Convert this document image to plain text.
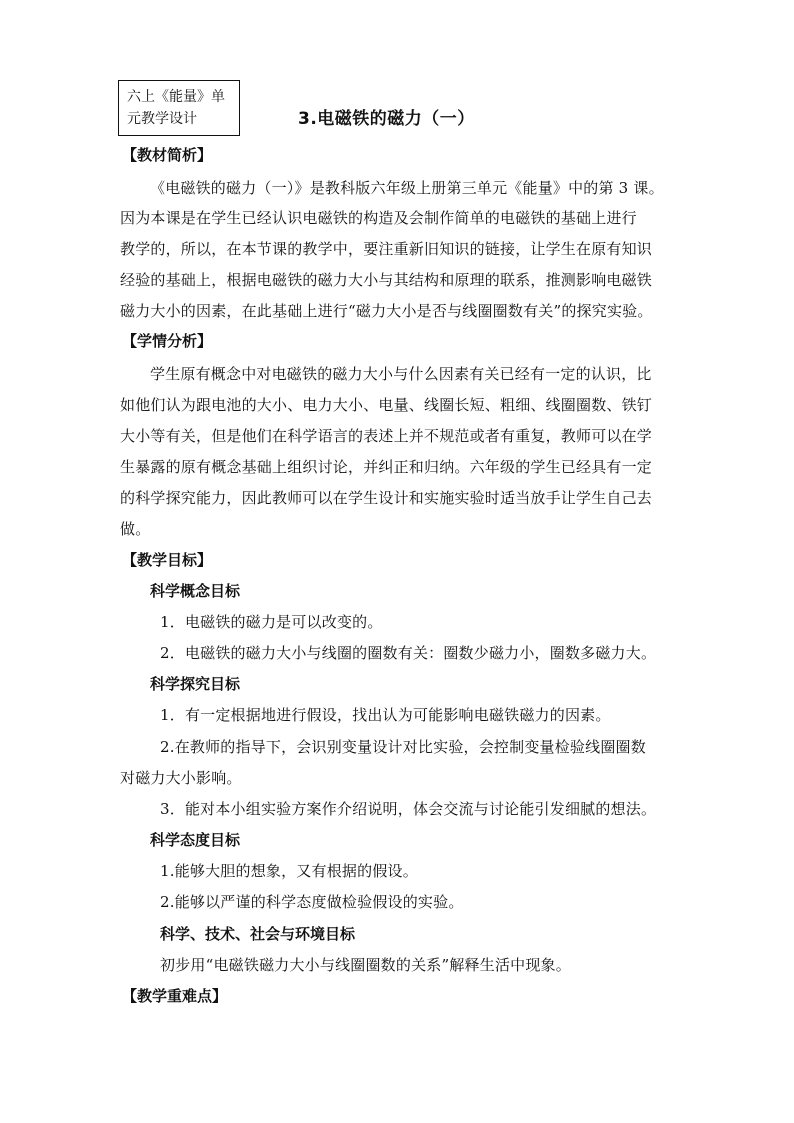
六上《能量》单
元教学设计	3.电磁铁的磁力（一）
【教材简析】
《电磁铁的磁力（一）》是教科版六年级上册第三单元《能量》中的第 3 课。
因为本课是在学生已经认识电磁铁的构造及会制作简单的电磁铁的基础上进行
教学的，所以，在本节课的教学中，要注重新旧知识的链接，让学生在原有知识
经验的基础上，根据电磁铁的磁力大小与其结构和原理的联系，推测影响电磁铁
磁力大小的因素，在此基础上进行“磁力大小是否与线圈圈数有关”的探究实验。
【学情分析】
学生原有概念中对电磁铁的磁力大小与什么因素有关已经有一定的认识，比
如他们认为跟电池的大小、电力大小、电量、线圈长短、粗细、线圈圈数、铁钉
大小等有关，但是他们在科学语言的表述上并不规范或者有重复，教师可以在学
生暴露的原有概念基础上组织讨论，并纠正和归纳。六年级的学生已经具有一定
的科学探究能力，因此教师可以在学生设计和实施实验时适当放手让学生自己去
做。
【教学目标】
科学概念目标
1．电磁铁的磁力是可以改变的。
2．电磁铁的磁力大小与线圈的圈数有关：圈数少磁力小，圈数多磁力大。
科学探究目标
1．有一定根据地进行假设，找出认为可能影响电磁铁磁力的因素。
2.在教师的指导下，会识别变量设计对比实验，会控制变量检验线圈圈数
对磁力大小影响。
3．能对本小组实验方案作介绍说明，体会交流与讨论能引发细腻的想法。
科学态度目标
1.能够大胆的想象，又有根据的假设。
2.能够以严谨的科学态度做检验假设的实验。
科学、技术、社会与环境目标
初步用“电磁铁磁力大小与线圈圈数的关系”解释生活中现象。
【教学重难点】
